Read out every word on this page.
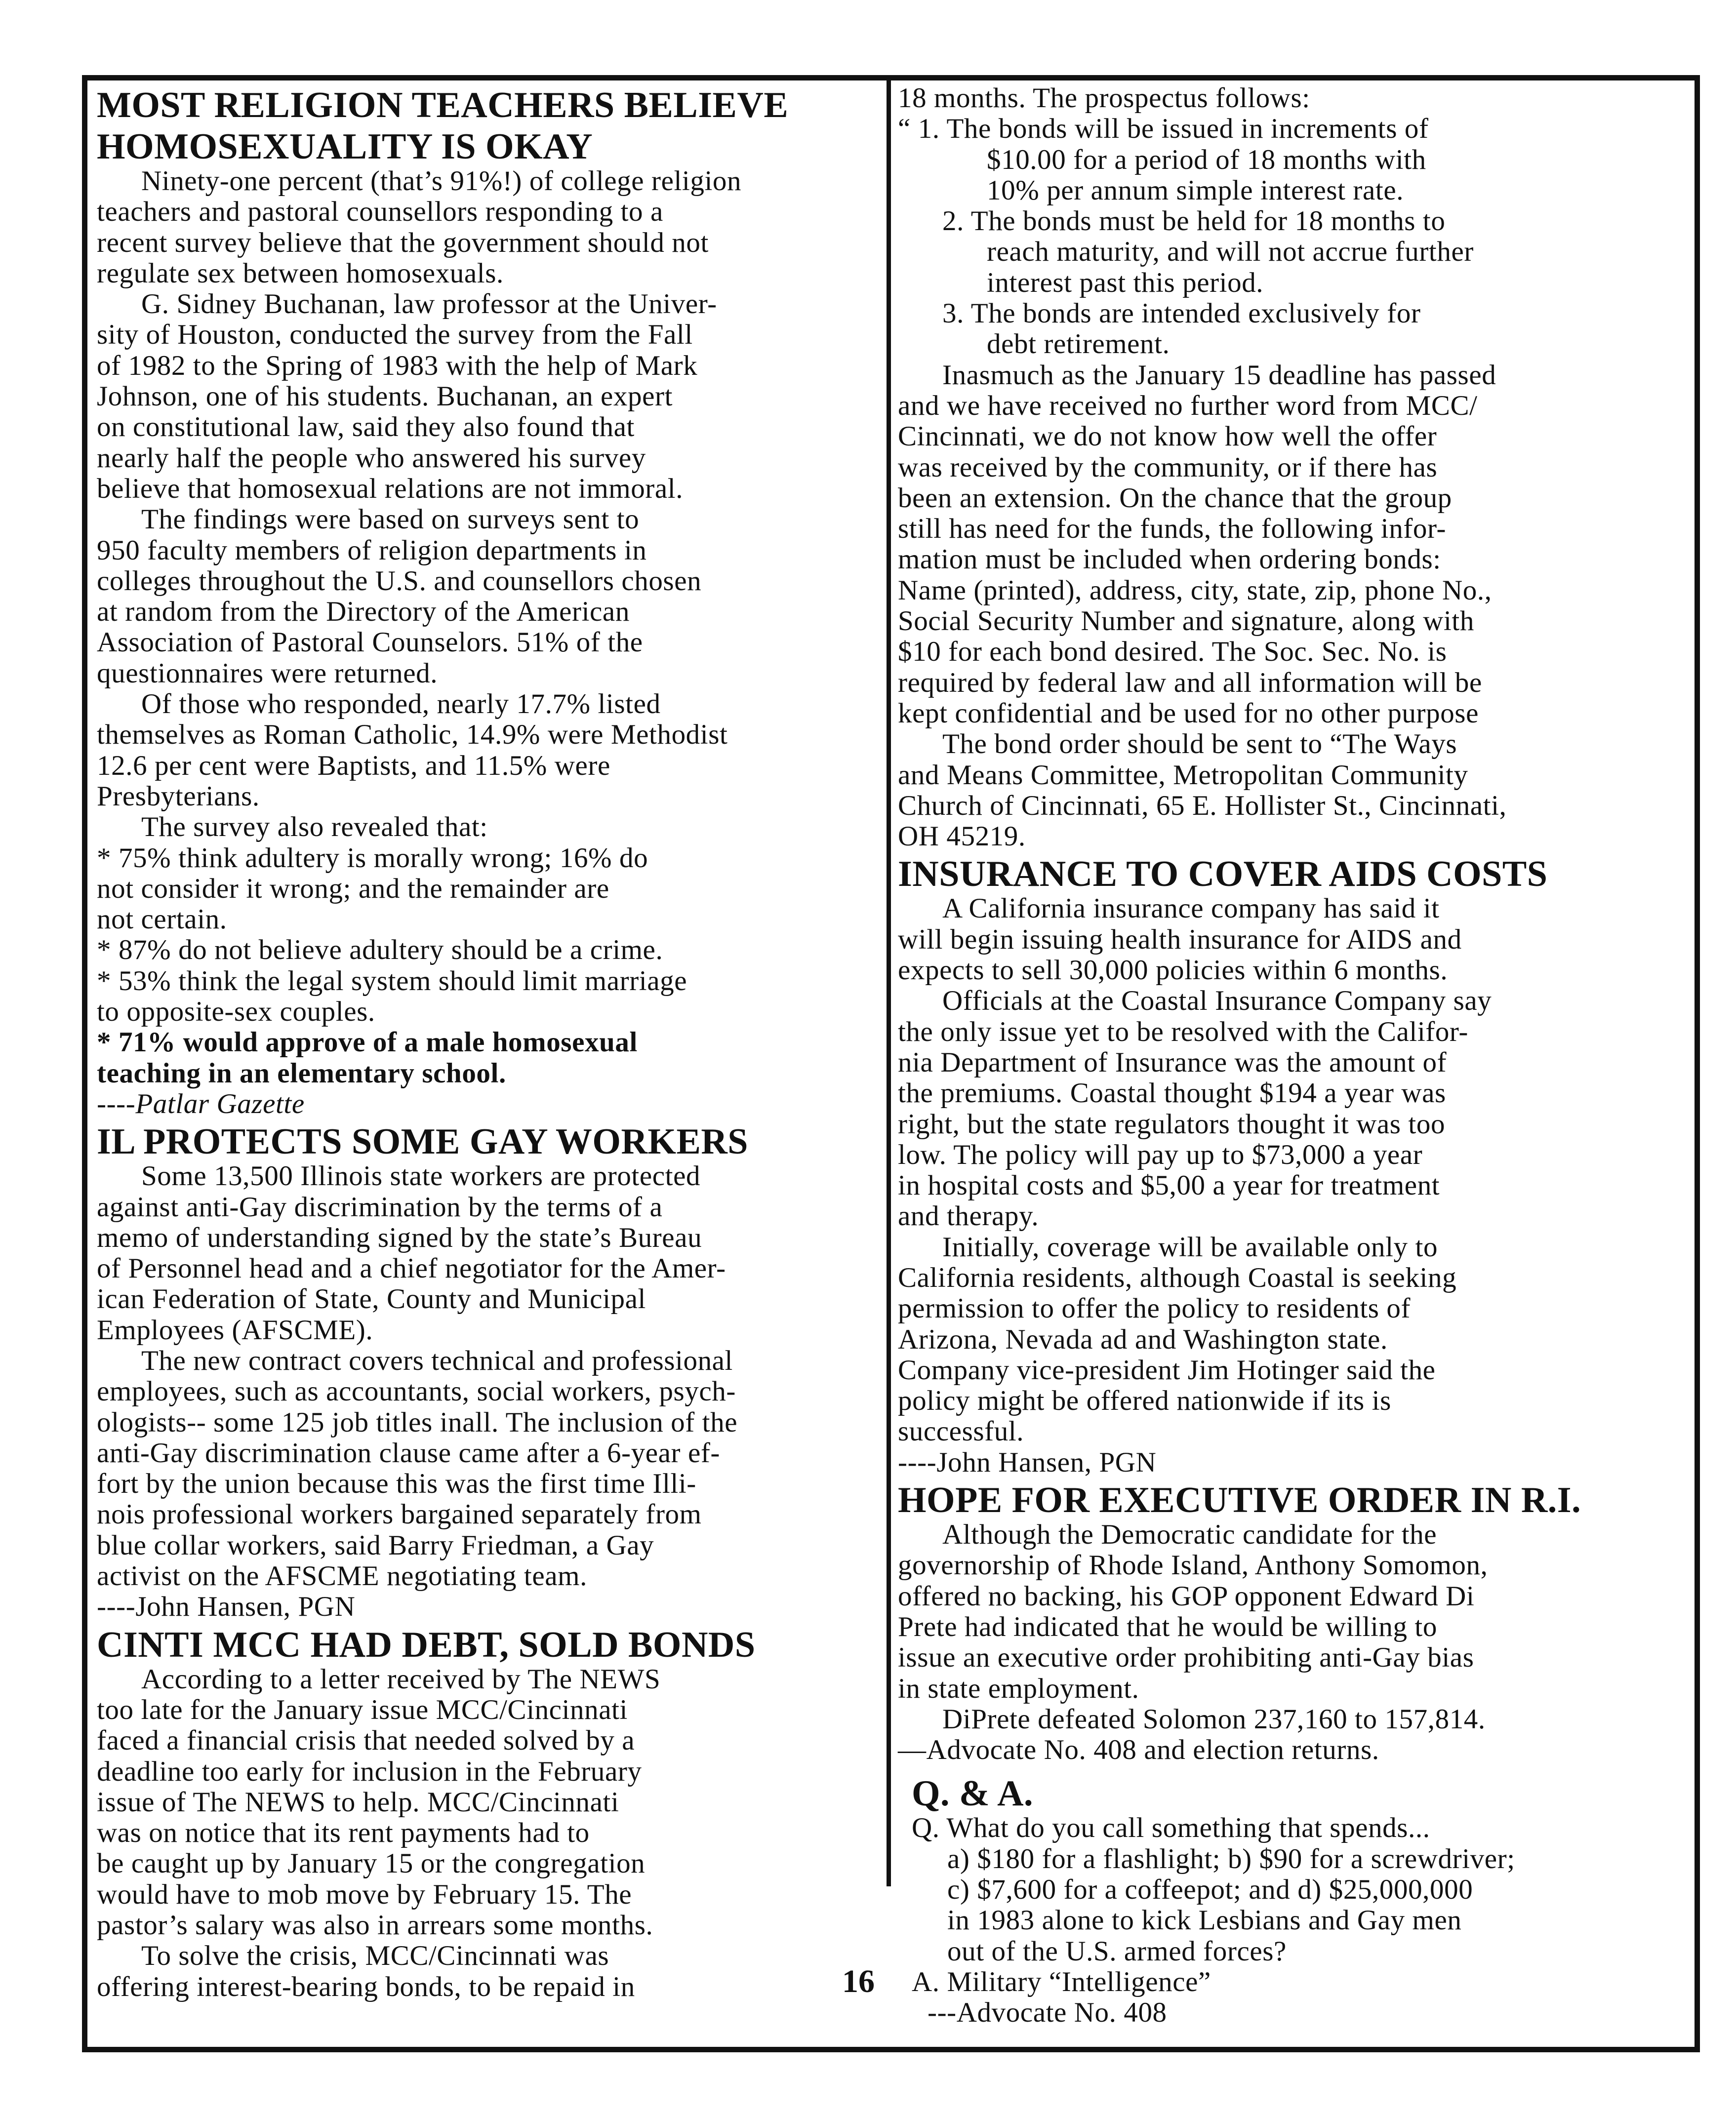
MOST RELIGION TEACHERS BELIEVE
HOMOSEXUALITY IS OKAY
Ninety-one percent (that’s 91%!) of college religion
teachers and pastoral counsellors responding to a
recent survey believe that the government should not
regulate sex between homosexuals.
G. Sidney Buchanan, law professor at the Univer-
sity of Houston, conducted the survey from the Fall
of 1982 to the Spring of 1983 with the help of Mark
Johnson, one of his students. Buchanan, an expert
on constitutional law, said they also found that
nearly half the people who answered his survey
believe that homosexual relations are not immoral.
The findings were based on surveys sent to
950 faculty members of religion departments in
colleges throughout the U.S. and counsellors chosen
at random from the Directory of the American
Association of Pastoral Counselors. 51% of the
questionnaires were returned.
Of those who responded, nearly 17.7% listed
themselves as Roman Catholic, 14.9% were Methodist
12.6 per cent were Baptists, and 11.5% were
Presbyterians.
The survey also revealed that:
* 75% think adultery is morally wrong; 16% do
not consider it wrong; and the remainder are
not certain.
* 87% do not believe adultery should be a crime.
* 53% think the legal system should limit marriage
to opposite-sex couples.
* 71% would approve of a male homosexual
teaching in an elementary school.
----Patlar Gazette
IL PROTECTS SOME GAY WORKERS
Some 13,500 Illinois state workers are protected
against anti-Gay discrimination by the terms of a
memo of understanding signed by the state’s Bureau
of Personnel head and a chief negotiator for the Amer-
ican Federation of State, County and Municipal
Employees (AFSCME).
The new contract covers technical and professional
employees, such as accountants, social workers, psych-
ologists-- some 125 job titles inall. The inclusion of the
anti-Gay discrimination clause came after a 6-year ef-
fort by the union because this was the first time Illi-
nois professional workers bargained separately from
blue collar workers, said Barry Friedman, a Gay
activist on the AFSCME negotiating team.
----John Hansen, PGN
CINTI MCC HAD DEBT, SOLD BONDS
According to a letter received by The NEWS
too late for the January issue MCC/Cincinnati
faced a financial crisis that needed solved by a
deadline too early for inclusion in the February
issue of The NEWS to help. MCC/Cincinnati
was on notice that its rent payments had to
be caught up by January 15 or the congregation
would have to mob move by February 15. The
pastor’s salary was also in arrears some months.
To solve the crisis, MCC/Cincinnati was
offering interest-bearing bonds, to be repaid in
18 months. The prospectus follows:
“ 1. The bonds will be issued in increments of
$10.00 for a period of 18 months with
10% per annum simple interest rate.
2. The bonds must be held for 18 months to
reach maturity, and will not accrue further
interest past this period.
3. The bonds are intended exclusively for
debt retirement.
Inasmuch as the January 15 deadline has passed
and we have received no further word from MCC/
Cincinnati, we do not know how well the offer
was received by the community, or if there has
been an extension. On the chance that the group
still has need for the funds, the following infor-
mation must be included when ordering bonds:
Name (printed), address, city, state, zip, phone No.,
Social Security Number and signature, along with
$10 for each bond desired. The Soc. Sec. No. is
required by federal law and all information will be
kept confidential and be used for no other purpose
The bond order should be sent to “The Ways
and Means Committee, Metropolitan Community
Church of Cincinnati, 65 E. Hollister St., Cincinnati,
OH 45219.
INSURANCE TO COVER AIDS COSTS
A California insurance company has said it
will begin issuing health insurance for AIDS and
expects to sell 30,000 policies within 6 months.
Officials at the Coastal Insurance Company say
the only issue yet to be resolved with the Califor-
nia Department of Insurance was the amount of
the premiums. Coastal thought $194 a year was
right, but the state regulators thought it was too
low. The policy will pay up to $73,000 a year
in hospital costs and $5,00 a year for treatment
and therapy.
Initially, coverage will be available only to
California residents, although Coastal is seeking
permission to offer the policy to residents of
Arizona, Nevada ad and Washington state.
Company vice-president Jim Hotinger said the
policy might be offered nationwide if its is
successful.
----John Hansen, PGN
HOPE FOR EXECUTIVE ORDER IN R.I.
Although the Democratic candidate for the
governorship of Rhode Island, Anthony Somomon,
offered no backing, his GOP opponent Edward Di
Prete had indicated that he would be willing to
issue an executive order prohibiting anti-Gay bias
in state employment.
DiPrete defeated Solomon 237,160 to 157,814.
—Advocate No. 408 and election returns.
Q. & A.
Q. What do you call something that spends...
a) $180 for a flashlight; b) $90 for a screwdriver;
c) $7,600 for a coffeepot; and d) $25,000,000
in 1983 alone to kick Lesbians and Gay men
out of the U.S. armed forces?
A. Military “Intelligence”
---Advocate No. 408
16
